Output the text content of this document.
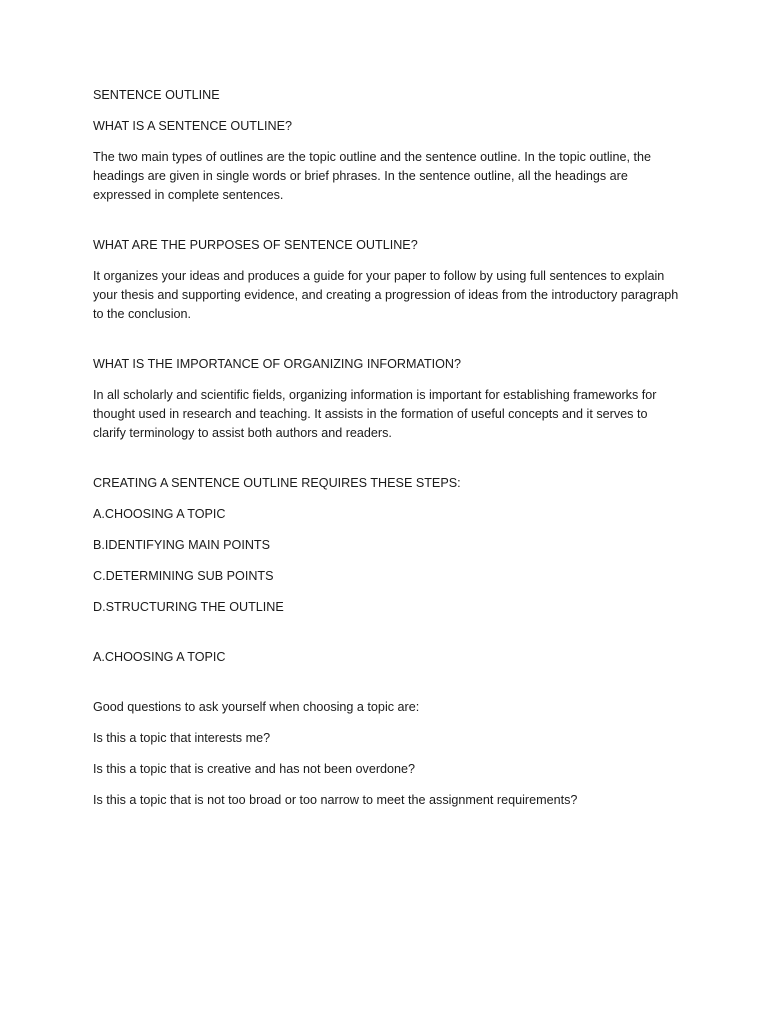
SENTENCE OUTLINE

WHAT IS A SENTENCE OUTLINE?

The two main types of outlines are the topic outline and the sentence outline. In the topic outline, the headings are given in single words or brief phrases. In the sentence outline, all the headings are expressed in complete sentences.

WHAT ARE THE PURPOSES OF SENTENCE OUTLINE?

It organizes your ideas and produces a guide for your paper to follow by using full sentences to explain your thesis and supporting evidence, and creating a progression of ideas from the introductory paragraph to the conclusion.

WHAT IS THE IMPORTANCE OF ORGANIZING INFORMATION?

In all scholarly and scientific fields, organizing information is important for establishing frameworks for thought used in research and teaching. It assists in the formation of useful concepts and it serves to clarify terminology to assist both authors and readers.

CREATING A SENTENCE OUTLINE REQUIRES THESE STEPS:

A.CHOOSING A TOPIC

B.IDENTIFYING MAIN POINTS

C.DETERMINING SUB POINTS

D.STRUCTURING THE OUTLINE

A.CHOOSING A TOPIC

Good questions to ask yourself when choosing a topic are:

Is this a topic that interests me?

Is this a topic that is creative and has not been overdone?

Is this a topic that is not too broad or too narrow to meet the assignment requirements?
